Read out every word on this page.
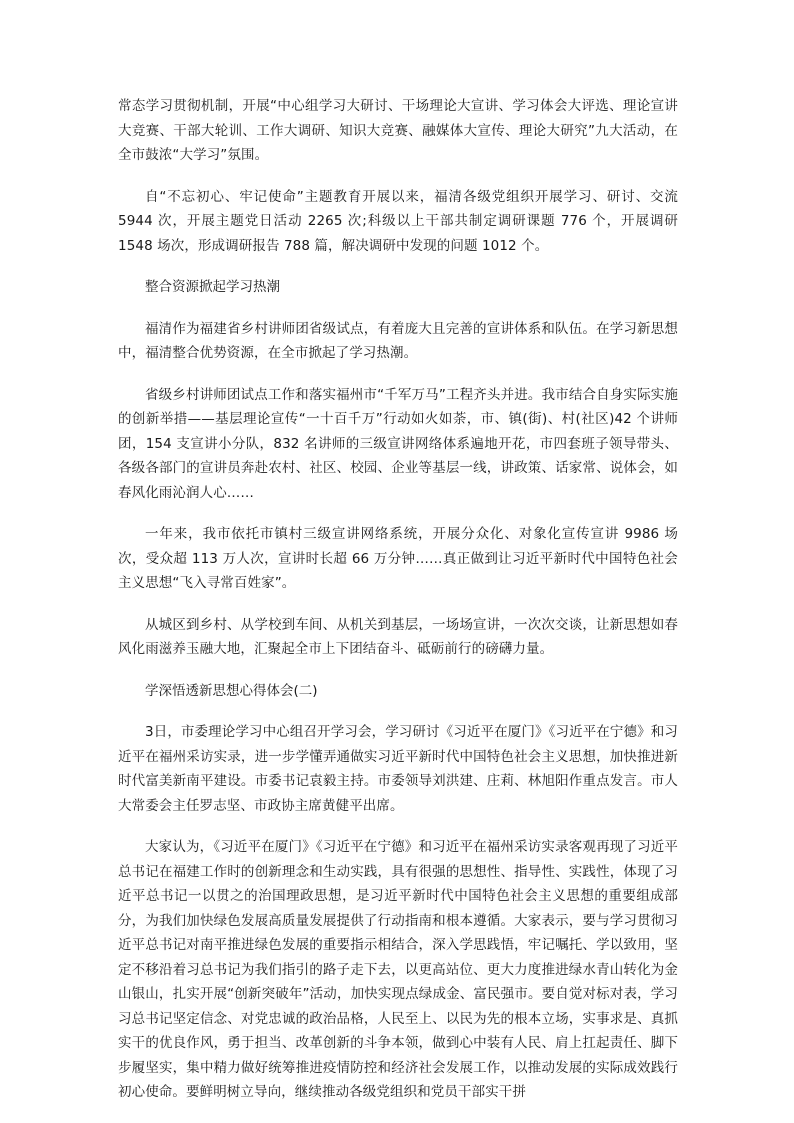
常态学习贯彻机制，开展“中心组学习大研讨、干场理论大宣讲、学习体会大评选、理论宣讲大竞赛、干部大轮训、工作大调研、知识大竞赛、融媒体大宣传、理论大研究”九大活动，在全市鼓浓“大学习”氛围。

自“不忘初心、牢记使命”主题教育开展以来，福清各级党组织开展学习、研讨、交流 5944 次，开展主题党日活动 2265 次;科级以上干部共制定调研课题 776 个，开展调研 1548 场次，形成调研报告 788 篇，解决调研中发现的问题 1012 个。

整合资源掀起学习热潮

福清作为福建省乡村讲师团省级试点，有着庞大且完善的宣讲体系和队伍。在学习新思想中，福清整合优势资源，在全市掀起了学习热潮。

省级乡村讲师团试点工作和落实福州市“千军万马”工程齐头并进。我市结合自身实际实施的创新举措——基层理论宣传“一十百千万”行动如火如荼，市、镇(街)、村(社区)42 个讲师团，154 支宣讲小分队，832 名讲师的三级宣讲网络体系遍地开花，市四套班子领导带头、各级各部门的宣讲员奔赴农村、社区、校园、企业等基层一线，讲政策、话家常、说体会，如春风化雨沁润人心……

一年来，我市依托市镇村三级宣讲网络系统，开展分众化、对象化宣传宣讲 9986 场次，受众超 113 万人次，宣讲时长超 66 万分钟……真正做到让习近平新时代中国特色社会主义思想“飞入寻常百姓家”。

从城区到乡村、从学校到车间、从机关到基层，一场场宣讲，一次次交谈，让新思想如春风化雨滋养玉融大地，汇聚起全市上下团结奋斗、砥砺前行的磅礴力量。

学深悟透新思想心得体会(二)

3日，市委理论学习中心组召开学习会，学习研讨《习近平在厦门》《习近平在宁德》和习近平在福州采访实录，进一步学懂弄通做实习近平新时代中国特色社会主义思想，加快推进新时代富美新南平建设。市委书记袁毅主持。市委领导刘洪建、庄莉、林旭阳作重点发言。市人大常委会主任罗志坚、市政协主席黄健平出席。

大家认为，《习近平在厦门》《习近平在宁德》和习近平在福州采访实录客观再现了习近平总书记在福建工作时的创新理念和生动实践，具有很强的思想性、指导性、实践性，体现了习近平总书记一以贯之的治国理政思想，是习近平新时代中国特色社会主义思想的重要组成部分，为我们加快绿色发展高质量发展提供了行动指南和根本遵循。大家表示，要与学习贯彻习近平总书记对南平推进绿色发展的重要指示相结合，深入学思践悟，牢记嘱托、学以致用，坚定不移沿着习总书记为我们指引的路子走下去，以更高站位、更大力度推进绿水青山转化为金山银山，扎实开展“创新突破年”活动，加快实现点绿成金、富民强市。要自觉对标对表，学习习总书记坚定信念、对党忠诚的政治品格，人民至上、以民为先的根本立场，实事求是、真抓实干的优良作风，勇于担当、改革创新的斗争本领，做到心中装有人民、肩上扛起责任、脚下步履坚实，集中精力做好统筹推进疫情防控和经济社会发展工作，以推动发展的实际成效践行初心使命。要鲜明树立导向，继续推动各级党组织和党员干部实干拼
